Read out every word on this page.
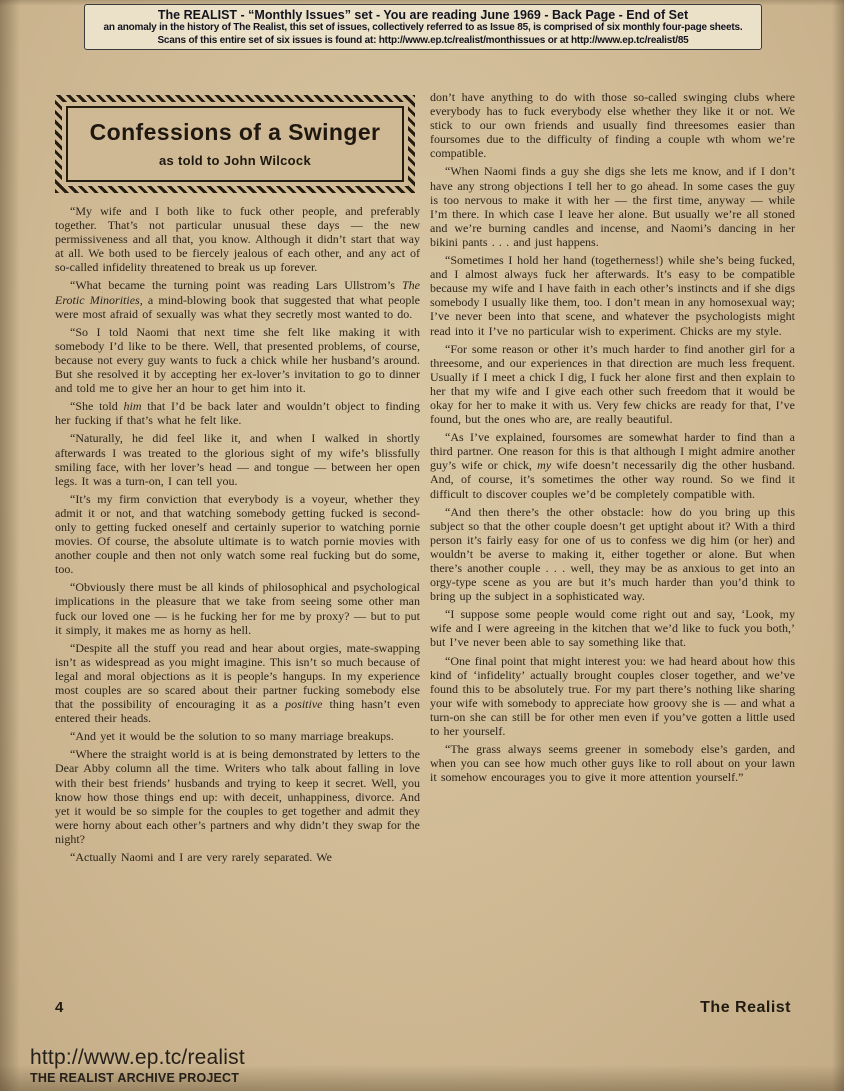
The REALIST - “Monthly Issues” set - You are reading June 1969 - Back Page - End of Set
an anomaly in the history of The Realist, this set of issues, collectively referred to as Issue 85, is comprised of six monthly four-page sheets.
Scans of this entire set of six issues is found at: http://www.ep.tc/realist/monthissues or at http://www.ep.tc/realist/85
Confessions of a Swinger
as told to John Wilcock

“My wife and I both like to fuck other people, and preferably together. That’s not particular unusual these days — the new permissiveness and all that, you know. Although it didn’t start that way at all. We both used to be fiercely jealous of each other, and any act of so-called infidelity threatened to break us up forever.

“What became the turning point was reading Lars Ullstrom’s The Erotic Minorities, a mind-blowing book that suggested that what people were most afraid of sexually was what they secretly most wanted to do.

“So I told Naomi that next time she felt like making it with somebody I’d like to be there. Well, that presented problems, of course, because not every guy wants to fuck a chick while her husband’s around. But she resolved it by accepting her ex-lover’s invitation to go to dinner and told me to give her an hour to get him into it.

“She told him that I’d be back later and wouldn’t object to finding her fucking if that’s what he felt like.

“Naturally, he did feel like it, and when I walked in shortly afterwards I was treated to the glorious sight of my wife’s blissfully smiling face, with her lover’s head — and tongue — between her open legs. It was a turn-on, I can tell you.

“It’s my firm conviction that everybody is a voyeur, whether they admit it or not, and that watching somebody getting fucked is second-only to getting fucked oneself and certainly superior to watching pornie movies. Of course, the absolute ultimate is to watch pornie movies with another couple and then not only watch some real fucking but do some, too.

“Obviously there must be all kinds of philosophical and psychological implications in the pleasure that we take from seeing some other man fuck our loved one — is he fucking her for me by proxy? — but to put it simply, it makes me as horny as hell.

“Despite all the stuff you read and hear about orgies, mate-swapping isn’t as widespread as you might imagine. This isn’t so much because of legal and moral objections as it is people’s hangups. In my experience most couples are so scared about their partner fucking somebody else that the possibility of encouraging it as a positive thing hasn’t even entered their heads.

“And yet it would be the solution to so many marriage breakups.

“Where the straight world is at is being demonstrated by letters to the Dear Abby column all the time. Writers who talk about falling in love with their best friends’ husbands and trying to keep it secret. Well, you know how those things end up: with deceit, unhappiness, divorce. And yet it would be so simple for the couples to get together and admit they were horny about each other’s partners and why didn’t they swap for the night?

“Actually Naomi and I are very rarely separated. We

don’t have anything to do with those so-called swinging clubs where everybody has to fuck everybody else whether they like it or not. We stick to our own friends and usually find threesomes easier than foursomes due to the difficulty of finding a couple wth whom we’re compatible.

“When Naomi finds a guy she digs she lets me know, and if I don’t have any strong objections I tell her to go ahead. In some cases the guy is too nervous to make it with her — the first time, anyway — while I’m there. In which case I leave her alone. But usually we’re all stoned and we’re burning candles and incense, and Naomi’s dancing in her bikini pants . . . and just happens.

“Sometimes I hold her hand (togetherness!) while she’s being fucked, and I almost always fuck her afterwards. It’s easy to be compatible because my wife and I have faith in each other’s instincts and if she digs somebody I usually like them, too. I don’t mean in any homosexual way; I’ve never been into that scene, and whatever the psychologists might read into it I’ve no particular wish to experiment. Chicks are my style.

“For some reason or other it’s much harder to find another girl for a threesome, and our experiences in that direction are much less frequent. Usually if I meet a chick I dig, I fuck her alone first and then explain to her that my wife and I give each other such freedom that it would be okay for her to make it with us. Very few chicks are ready for that, I’ve found, but the ones who are, are really beautiful.

“As I’ve explained, foursomes are somewhat harder to find than a third partner. One reason for this is that although I might admire another guy’s wife or chick, my wife doesn’t necessarily dig the other husband. And, of course, it’s sometimes the other way round. So we find it difficult to discover couples we’d be completely compatible with.

“And then there’s the other obstacle: how do you bring up this subject so that the other couple doesn’t get uptight about it? With a third person it’s fairly easy for one of us to confess we dig him (or her) and wouldn’t be averse to making it, either together or alone. But when there’s another couple . . . well, they may be as anxious to get into an orgy-type scene as you are but it’s much harder than you’d think to bring up the subject in a sophisticated way.

“I suppose some people would come right out and say, ‘Look, my wife and I were agreeing in the kitchen that we’d like to fuck you both,’ but I’ve never been able to say something like that.

“One final point that might interest you: we had heard about how this kind of ‘infidelity’ actually brought couples closer together, and we’ve found this to be absolutely true. For my part there’s nothing like sharing your wife with somebody to appreciate how groovy she is — and what a turn-on she can still be for other men even if you’ve gotten a little used to her yourself.

“The grass always seems greener in somebody else’s garden, and when you can see how much other guys like to roll about on your lawn it somehow encourages you to give it more attention yourself.”

4	The Realist
http://www.ep.tc/realist
THE REALIST ARCHIVE PROJECT
